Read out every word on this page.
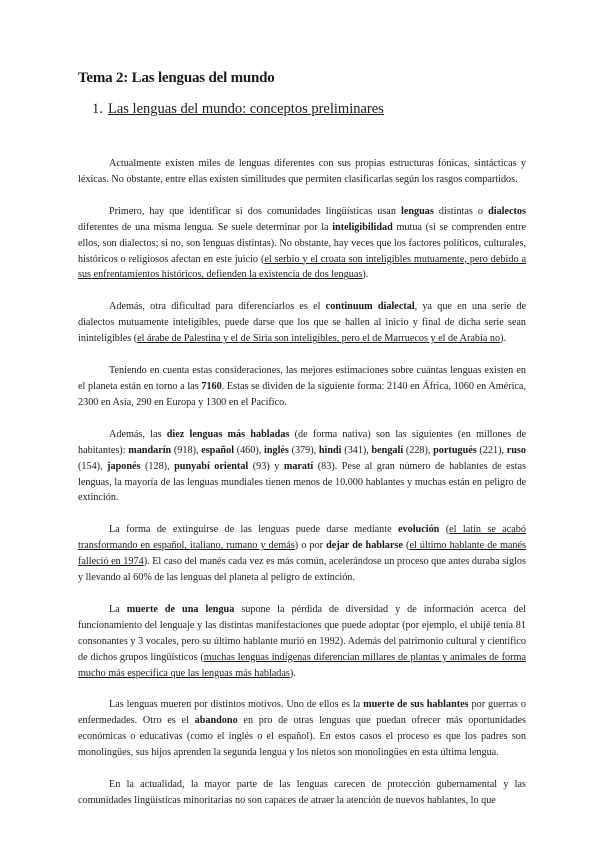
Tema 2: Las lenguas del mundo
1. Las lenguas del mundo: conceptos preliminares

Actualmente existen miles de lenguas diferentes con sus propias estructuras fónicas, sintácticas y léxicas. No obstante, entre ellas existen similitudes que permiten clasificarlas según los rasgos compartidos.

Primero, hay que identificar si dos comunidades lingüísticas usan lenguas distintas o dialectos diferentes de una misma lengua. Se suele determinar por la inteligibilidad mutua (si se comprenden entre ellos, son dialectos; si no, son lenguas distintas). No obstante, hay veces que los factores políticos, culturales, históricos o religiosos afectan en este juicio (el serbio y el croata son inteligibles mutuamente, pero debido a sus enfrentamientos históricos, defienden la existencia de dos lenguas).

Además, otra dificultad para diferenciarlos es el continuum dialectal, ya que en una serie de dialectos mutuamente inteligibles, puede darse que los que se hallen al inicio y final de dicha serie sean ininteligibles (el árabe de Palestina y el de Siria son inteligibles, pero el de Marruecos y el de Arabia no).

Teniendo en cuenta estas consideraciones, las mejores estimaciones sobre cuántas lenguas existen en el planeta están en torno a las 7160. Estas se dividen de la siguiente forma: 2140 en África, 1060 en América, 2300 en Asia, 290 en Europa y 1300 en el Pacífico.

Además, las diez lenguas más habladas (de forma nativa) son las siguientes (en millones de habitantes): mandarín (918), español (460), inglés (379), hindi (341), bengalí (228), portugués (221), ruso (154), japonés (128), punyabí oriental (93) y maratí (83). Pese al gran número de hablantes de estas lenguas, la mayoría de las lenguas mundiales tienen menos de 10.000 hablantes y muchas están en peligro de extinción.

La forma de extinguirse de las lenguas puede darse mediante evolución (el latín se acabó transformando en español, italiano, rumano y demás) o por dejar de hablarse (el último hablante de manés falleció en 1974). El caso del manés cada vez es más común, acelerándose un proceso que antes duraba siglos y llevando al 60% de las lenguas del planeta al peligro de extinción.

La muerte de una lengua supone la pérdida de diversidad y de información acerca del funcionamiento del lenguaje y las distintas manifestaciones que puede adoptar (por ejemplo, el ubijé tenía 81 consonantes y 3 vocales, pero su último hablante murió en 1992). Además del patrimonio cultural y científico de dichos grupos lingüísticos (muchas lenguas indígenas diferencian millares de plantas y animales de forma mucho más específica que las lenguas más habladas).

Las lenguas mueren por distintos motivos. Uno de ellos es la muerte de sus hablantes por guerras o enfermedades. Otro es el abandono en pro de otras lenguas que puedan ofrecer más oportunidades económicas o educativas (como el inglés o el español). En estos casos el proceso es que los padres son monolingües, sus hijos aprenden la segunda lengua y los nietos son monolingües en esta última lengua.

En la actualidad, la mayor parte de las lenguas carecen de protección gubernamental y las comunidades lingüísticas minoritarias no son capaces de atraer la atención de nuevos hablantes, lo que
